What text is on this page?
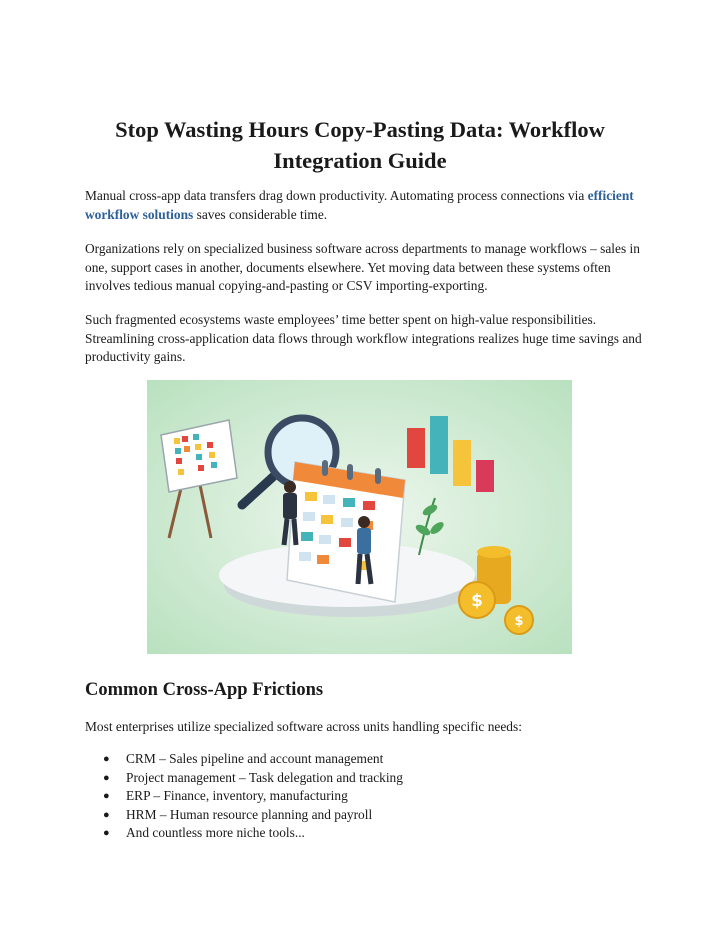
Stop Wasting Hours Copy-Pasting Data: Workflow Integration Guide

Manual cross-app data transfers drag down productivity. Automating process connections via efficient workflow solutions saves considerable time.

Organizations rely on specialized business software across departments to manage workflows – sales in one, support cases in another, documents elsewhere. Yet moving data between these systems often involves tedious manual copying-and-pasting or CSV importing-exporting.

Such fragmented ecosystems waste employees’ time better spent on high-value responsibilities. Streamlining cross-application data flows through workflow integrations realizes huge time savings and productivity gains.

$
$
Common Cross-App Frictions

Most enterprises utilize specialized software across units handling specific needs:

● CRM – Sales pipeline and account management
● Project management – Task delegation and tracking
● ERP – Finance, inventory, manufacturing
● HRM – Human resource planning and payroll
● And countless more niche tools...
